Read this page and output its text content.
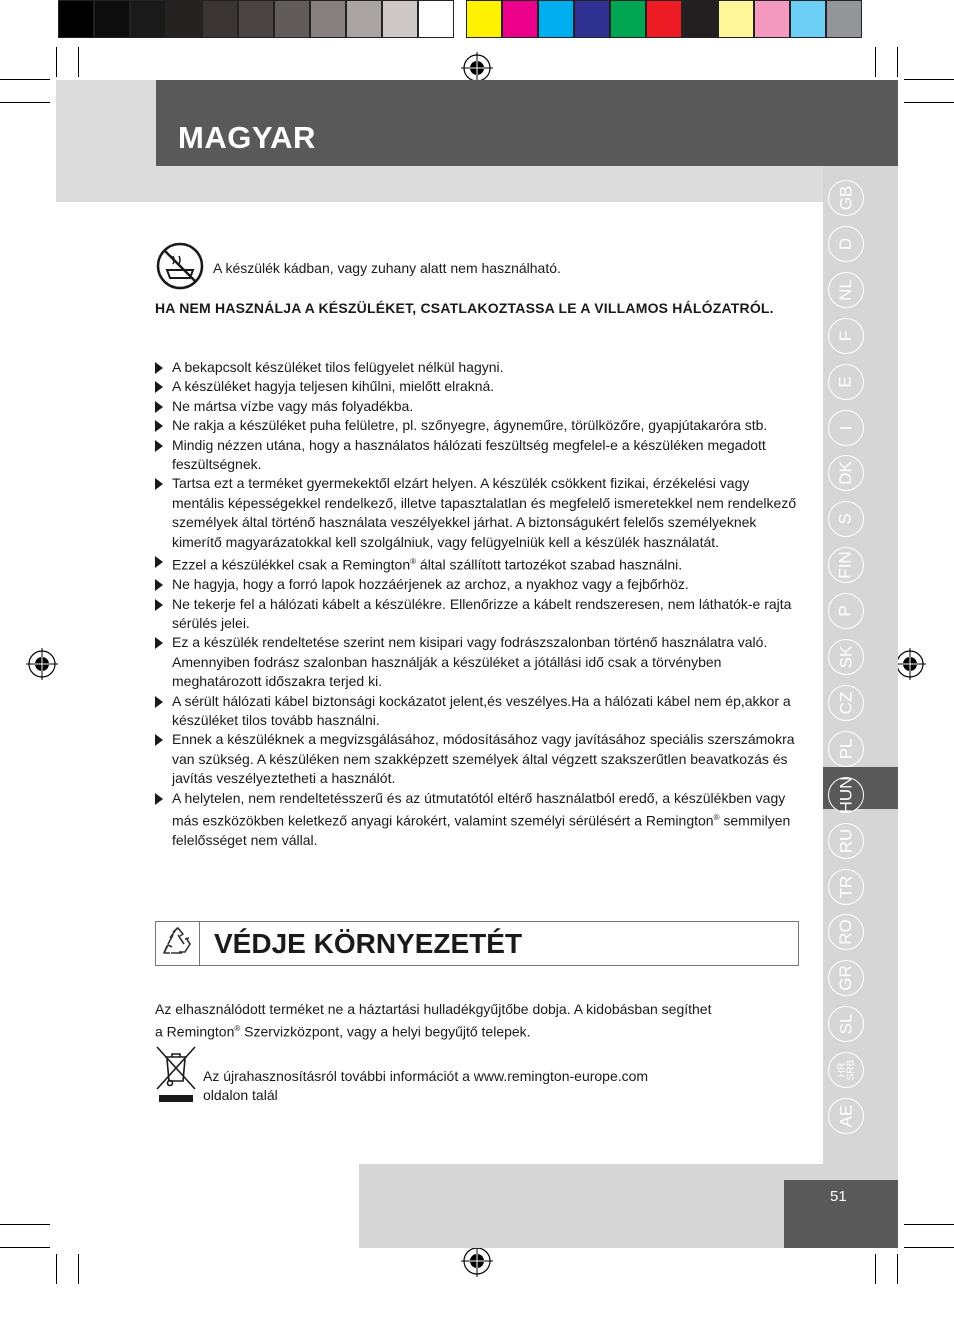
MAGYAR
51
GB
D
NL
F
E
I
DK
S
FIN
P
SK
CZ
PL
HUN
RU
TR
RO
GR
SL
HR
SRB
AE
A készülék kádban, vagy zuhany alatt nem használható.
HA NEM HASZNÁLJA A KÉSZÜLÉKET, CSATLAKOZTASSA LE A VILLAMOS HÁLÓZATRÓL.
A bekapcsolt készüléket tilos felügyelet nélkül hagyni.
A készüléket hagyja teljesen kihűlni, mielőtt elrakná.
Ne mártsa vízbe vagy más folyadékba.
Ne rakja a készüléket puha felületre, pl. szőnyegre, ágyneműre, törülközőre, gyapjútakaróra stb.
Mindig nézzen utána, hogy a használatos hálózati feszültség megfelel-e a készüléken megadott feszültségnek.
Tartsa ezt a terméket gyermekektől elzárt helyen. A készülék csökkent fizikai, érzékelési vagy mentális képességekkel rendelkező, illetve tapasztalatlan és megfelelő ismeretekkel nem rendelkező személyek által történő használata veszélyekkel járhat. A biztonságukért felelős személyeknek kimerítő magyarázatokkal kell szolgálniuk, vagy felügyelniük kell a készülék használatát.
Ezzel a készülékkel csak a Remington® által szállított tartozékot szabad használni.
Ne hagyja, hogy a forró lapok hozzáérjenek az archoz, a nyakhoz vagy a fejbőrhöz.
Ne tekerje fel a hálózati kábelt a készülékre. Ellenőrizze a kábelt rendszeresen, nem láthatók-e rajta sérülés jelei.
Ez a készülék rendeltetése szerint nem kisipari vagy fodrászszalonban történő használatra való. Amennyiben fodrász szalonban használják a készüléket a jótállási idő csak a törvényben meghatározott időszakra terjed ki.
A sérült hálózati kábel biztonsági kockázatot jelent,és veszélyes.Ha a hálózati kábel nem ép,akkor a készüléket tilos tovább használni.
Ennek a készüléknek a megvizsgálásához, módosításához vagy javításához speciális szerszámokra van szükség. A készüléken nem szakképzett személyek által végzett szakszerűtlen beavatkozás és javítás veszélyeztetheti a használót.
A helytelen, nem rendeltetésszerű és az útmutatótól eltérő használatból eredő, a készülékben vagy más eszközökben keletkező anyagi károkért, valamint személyi sérülésért a Remington® semmilyen felelősséget nem vállal.
VÉDJE KÖRNYEZETÉT
Az elhasználódott terméket ne a háztartási hulladékgyűjtőbe dobja. A kidobásban segíthet
a Remington® Szervizközpont, vagy a helyi begyűjtő telepek.
Az újrahasznosításról további információt a www.remington-europe.com
oldalon talál
